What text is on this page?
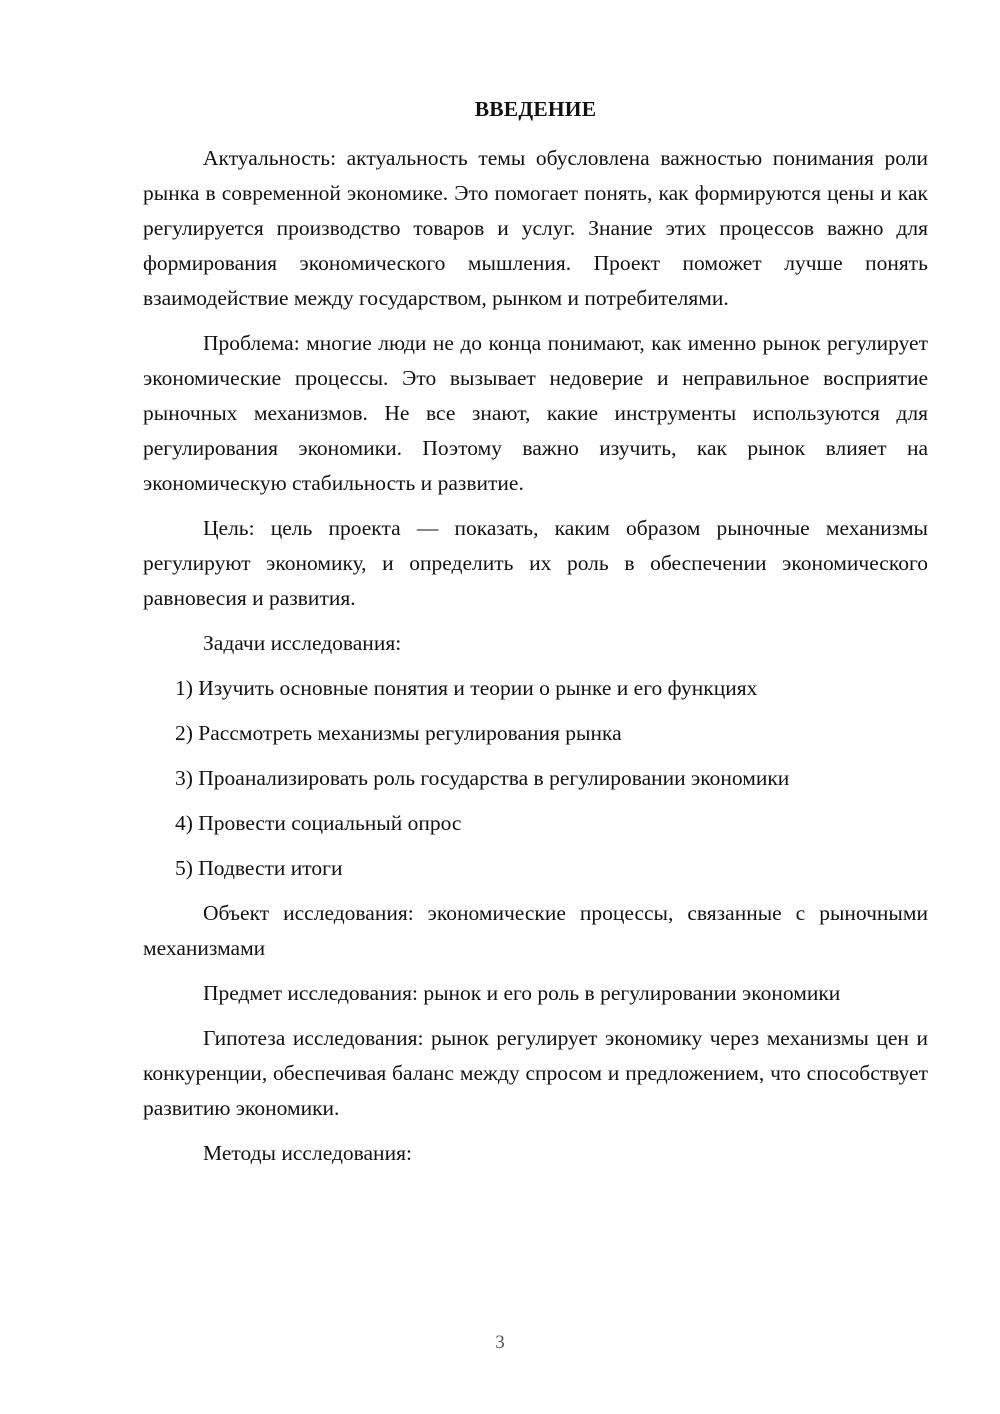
ВВЕДЕНИЕ

Актуальность: актуальность темы обусловлена важностью понимания роли рынка в современной экономике. Это помогает понять, как формируются цены и как регулируется производство товаров и услуг. Знание этих процессов важно для формирования экономического мышления. Проект поможет лучше понять взаимодействие между государством, рынком и потребителями.

Проблема: многие люди не до конца понимают, как именно рынок регулирует экономические процессы. Это вызывает недоверие и неправильное восприятие рыночных механизмов. Не все знают, какие инструменты используются для регулирования экономики. Поэтому важно изучить, как рынок влияет на экономическую стабильность и развитие.

Цель: цель проекта — показать, каким образом рыночные механизмы регулируют экономику, и определить их роль в обеспечении экономического равновесия и развития.

Задачи исследования:

1) Изучить основные понятия и теории о рынке и его функциях
2) Рассмотреть механизмы регулирования рынка
3) Проанализировать роль государства в регулировании экономики
4) Провести социальный опрос
5) Подвести итоги

Объект исследования: экономические процессы, связанные с рыночными механизмами

Предмет исследования: рынок и его роль в регулировании экономики

Гипотеза исследования: рынок регулирует экономику через механизмы цен и конкуренции, обеспечивая баланс между спросом и предложением, что способствует развитию экономики.

Методы исследования:

3
